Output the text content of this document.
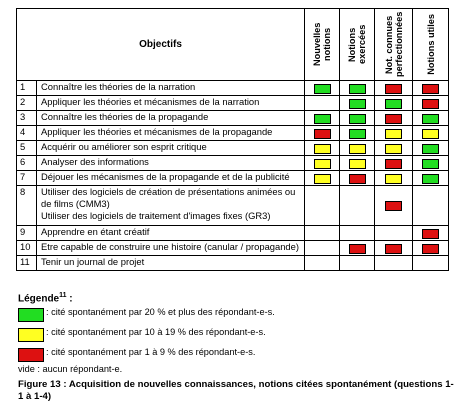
Objectifs		Nouvelles notions	Notions exercées	Not. connues perfectionnées	Notions utiles

1	Connaître les théories de la narration				
2	Appliquer les théories et mécanismes de la narration				
3	Connaître les théories de la propagande				
4	Appliquer les théories et mécanismes de la propagande				
5	Acquérir ou améliorer son esprit critique				
6	Analyser des informations				
7	Déjouer les mécanismes de la propagande et de la publicité				
8	Utiliser des logiciels de création de présentations animées ou de films (CMM3)
Utiliser des logiciels de traitement d'images fixes (GR3)				
9	Apprendre en étant créatif				
10	Etre capable de construire une histoire (canular / propagande)				
11	Tenir un journal de projet				
Légende$^{11}$ :
: cité spontanément par 20 % et plus des répondant-e-s.
: cité spontanément par 10 à 19 % des répondant-e-s.
: cité spontanément par 1 à 9 % des répondant-e-s.
vide : aucun répondant-e.
Figure 13 : Acquisition de nouvelles connaissances, notions citées spontanément (questions 1-1 à 1-4)
